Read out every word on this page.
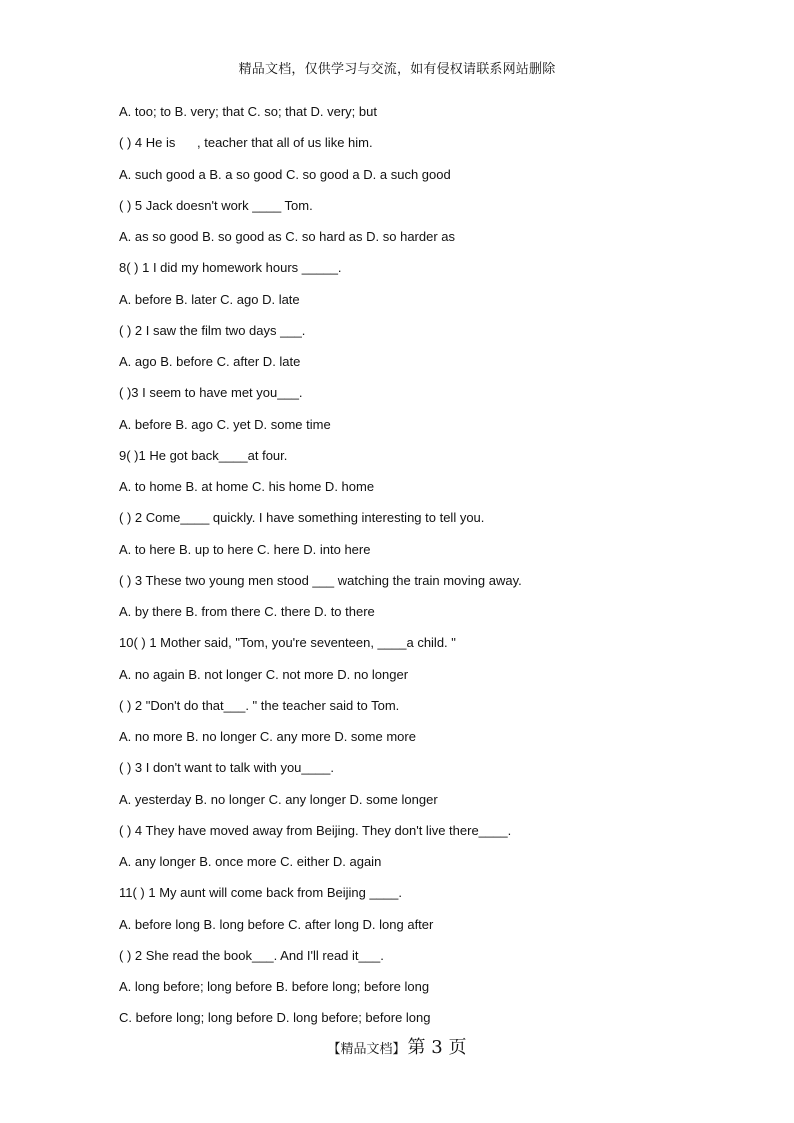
精品文档，仅供学习与交流，如有侵权请联系网站删除
A. too; to B. very; that C. so; that D. very; but
( ) 4 He is      , teacher that all of us like him.
A. such good a B. a so good C. so good a D. a such good
( ) 5 Jack doesn't work ____ Tom.
A. as so good B. so good as C. so hard as D. so harder as
8( ) 1 I did my homework hours _____.
A. before B. later C. ago D. late
( ) 2 I saw the film two days ___.
A. ago B. before C. after D. late
( )3 I seem to have met you___.
A. before B. ago C. yet D. some time
9( )1 He got back____at four.
A. to home B. at home C. his home D. home
( ) 2 Come____ quickly. I have something interesting to tell you.
A. to here B. up to here C. here D. into here
( ) 3 These two young men stood ___ watching the train moving away.
A. by there B. from there C. there D. to there
10( ) 1 Mother said, "Tom, you're seventeen, ____a child. "
A. no again B. not longer C. not more D. no longer
( ) 2 "Don't do that___. " the teacher said to Tom.
A. no more B. no longer C. any more D. some more
( ) 3 I don't want to talk with you____.
A. yesterday B. no longer C. any longer D. some longer
( ) 4 They have moved away from Beijing. They don't live there____.
A. any longer B. once more C. either D. again
11( ) 1 My aunt will come back from Beijing ____.
A. before long B. long before C. after long D. long after
( ) 2 She read the book___. And I'll read it___.
A. long before; long before B. before long; before long
C. before long; long before D. long before; before long
【精品文档】 第 3 页
